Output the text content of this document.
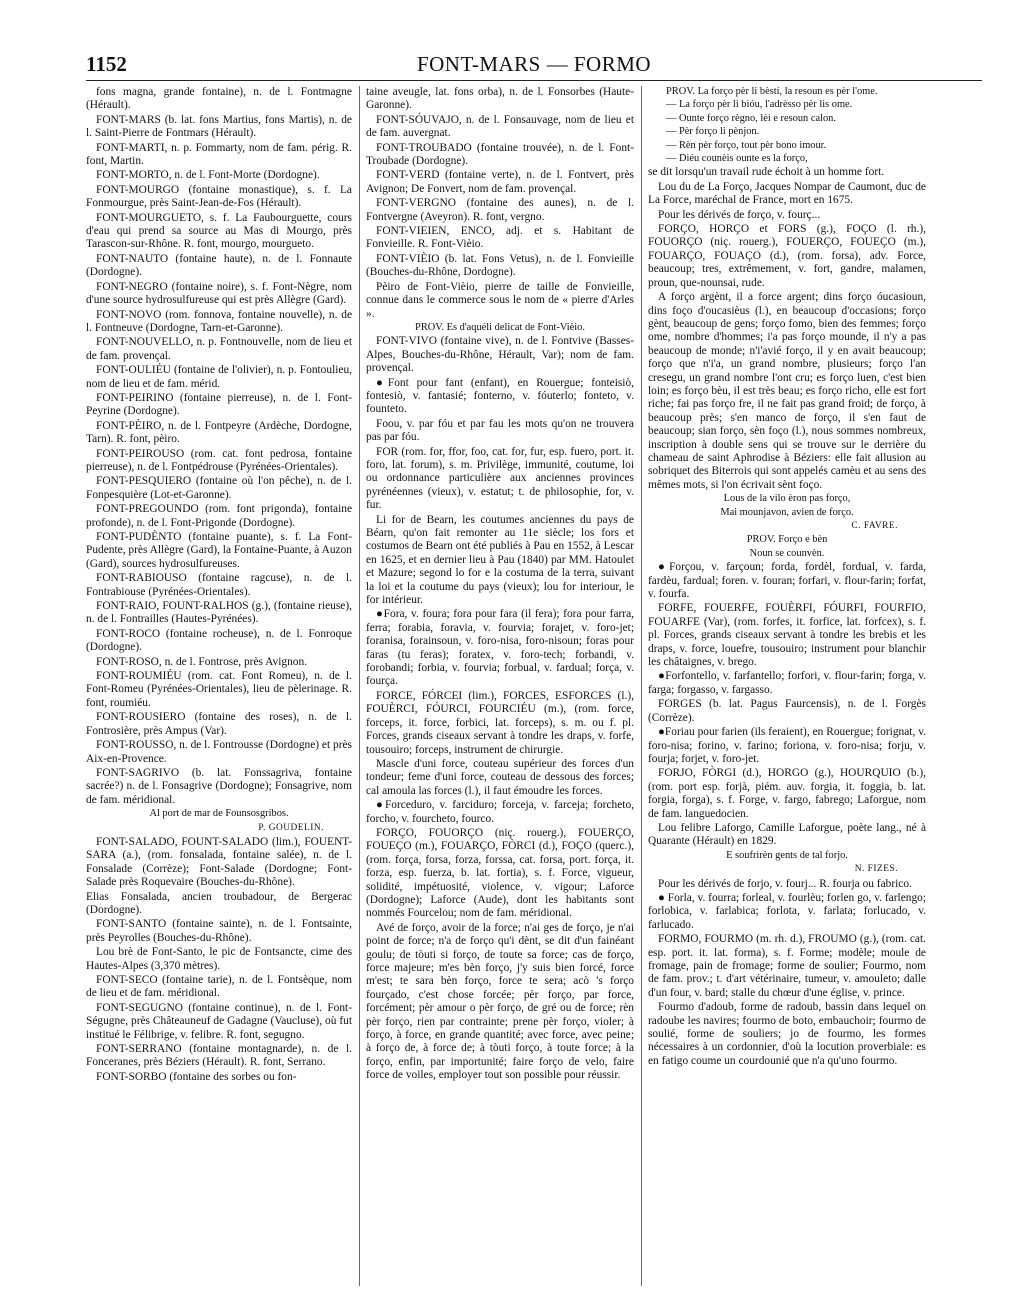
1152	FONT-MARS — FORMO

fons magna, grande fontaine), n. de l. Fontmagne (Hérault).

FONT-MARS (b. lat. fons Martius, fons Martis), n. de l. Saint-Pierre de Fontmars (Hérault).

FONT-MARTI, n. p. Fommarty, nom de fam. périg. R. font, Martin.

FONT-MORTO, n. de l. Font-Morte (Dordogne).

FONT-MOURGO (fontaine monastique), s. f. La Fonmourgue, près Saint-Jean-de-Fos (Hérault).

FONT-MOURGUETO, s. f. La Faubourguette, cours d'eau qui prend sa source au Mas di Mourgo, près Tarascon-sur-Rhône. R. font, mourgo, mourgueto.

FONT-NAUTO (fontaine haute), n. de l. Fonnaute (Dordogne).

FONT-NEGRO (fontaine noire), s. f. Font-Nègre, nom d'une source hydrosulfureuse qui est près Allègre (Gard).

FONT-NOVO (rom. fonnova, fontaine nouvelle), n. de l. Fontneuve (Dordogne, Tarn-et-Garonne).

FONT-NOUVELLO, n. p. Fontnouvelle, nom de lieu et de fam. provençal.

FONT-OULIÉU (fontaine de l'olivier), n. p. Fontoulieu, nom de lieu et de fam. mérid.

FONT-PEIRINO (fontaine pierreuse), n. de l. Font-Peyrine (Dordogne).

FONT-PÈIRO, n. de l. Fontpeyre (Ardèche, Dordogne, Tarn). R. font, pèiro.

FONT-PEIROUSO (rom. cat. font pedrosa, fontaine pierreuse), n. de l. Fontpédrouse (Pyrénées-Orientales).

FONT-PESQUIERO (fontaine où l'on pêche), n. de l. Fonpesquière (Lot-et-Garonne).

FONT-PREGOUNDO (rom. font prigonda), fontaine profonde), n. de l. Font-Prigonde (Dordogne).

FONT-PUDÈNTO (fontaine puante), s. f. La Font-Pudente, près Allègre (Gard), la Fontaine-Puante, à Auzon (Gard), sources hydrosulfureuses.

FONT-RABIOUSO (fontaine ragcuse), n. de l. Fontrabiouse (Pyrénées-Orientales).

FONT-RAIO, FOUNT-RALHOS (g.), (fontaine rieuse), n. de l. Fontrailles (Hautes-Pyrénées).

FONT-ROCO (fontaine rocheuse), n. de l. Fonroque (Dordogne).

FONT-ROSO, n. de l. Fontrose, près Avignon.

FONT-ROUMIÉU (rom. cat. Font Romeu), n. de l. Font-Romeu (Pyrénées-Orientales), lieu de pèlerinage. R. font, roumiéu.

FONT-ROUSIERO (fontaine des roses), n. de l. Fontrosière, près Ampus (Var).

FONT-ROUSSO, n. de l. Fontrousse (Dordogne) et près Aix-en-Provence.

FONT-SAGRIVO (b. lat. Fonssagriva, fontaine sacrée?) n. de l. Fonsagrive (Dordogne); Fonsagrive, nom de fam. méridional.

Al port de mar de Founsosgribos.

P. GOUDELIN.

FONT-SALADO, FOUNT-SALADO (lim.), FOUENT-SARA (a.), (rom. fonsalada, fontaine salée), n. de l. Fonsalade (Corrèze); Font-Salade (Dordogne; Font-Salade près Roquevaire (Bouches-du-Rhône).

Elias Fonsalada, ancien troubadour, de Bergerac (Dordogne).

FONT-SANTO (fontaine sainte), n. de l. Fontsainte, près Peyrolles (Bouches-du-Rhône).

Lou brè de Font-Santo, le pic de Fontsancte, cime des Hautes-Alpes (3,370 mètres).

FONT-SECO (fontaine tarie), n. de l. Fontsèque, nom de lieu et de fam. méridional.

FONT-SEGUGNO (fontaine continue), n. de l. Font-Ségugne, près Châteauneuf de Gadagne (Vaucluse), où fut institué le Félibrige, v. felibre. R. font, segugno.

FONT-SERRANO (fontaine montagnarde), n. de l. Fonceranes, près Béziers (Hérault). R. font, Serrano.

FONT-SORBO (fontaine des sorbes ou fon-

taine aveugle, lat. fons orba), n. de l. Fonsorbes (Haute-Garonne).

FONT-SÓUVAJO, n. de l. Fonsauvage, nom de lieu et de fam. auvergnat.

FONT-TROUBADO (fontaine trouvée), n. de l. Font-Troubade (Dordogne).

FONT-VERD (fontaine verte), n. de l. Fontvert, près Avignon; De Fonvert, nom de fam. provençal.

FONT-VERGNO (fontaine des aunes), n. de l. Fontvergne (Aveyron). R. font, vergno.

FONT-VIEIEN, ENCO, adj. et s. Habitant de Fonvieille. R. Font-Vièio.

FONT-VIÈIO (b. lat. Fons Vetus), n. de l. Fonvieille (Bouches-du-Rhône, Dordogne).

Pèiro de Font-Vièio, pierre de taille de Fonvieille, connue dans le commerce sous le nom de « pierre d'Arles ».

PROV. Es d'aquéli delicat de Font-Vièio.

FONT-VIVO (fontaine vive), n. de l. Fontvive (Basses-Alpes, Bouches-du-Rhône, Hérault, Var); nom de fam. provençal.

●Font pour fant (enfant), en Rouergue; fonteisiò, fontesiò, v. fantasié; fonterno, v. fóuterlo; fonteto, v. founteto.

Foou, v. par fóu et par fau les mots qu'on ne trouvera pas par fóu.

FOR (rom. for, ffor, foo, cat. for, fur, esp. fuero, port. it. foro, lat. forum), s. m. Privilège, immunité, coutume, loi ou ordonnance particulière aux anciennes provinces pyrénéennes (vieux), v. estatut; t. de philosophie, for, v. fur.

Li for de Bearn, les coutumes anciennes du pays de Béarn, qu'on fait remonter au 11e siècle; los fors et costumos de Bearn ont été publiés à Pau en 1552, à Lescar en 1625, et en dernier lieu à Pau (1840) par MM. Hatoulet et Mazure; segond lo for e la costuma de la terra, suivant la loi et la coutume du pays (vieux); lou for interiour, le for intérieur.

●Fora, v. foura; fora pour fara (il fera); fora pour farra, ferra; forabia, foravia, v. fourvia; forajet, v. foro-jet; foranisa, forainsoun, v. foro-nisa, foro-nisoun; foras pour faras (tu feras); foratex, v. foro-tech; forbandi, v. forobandi; forbia, v. fourvia; forbual, v. fardual; força, v. fourça.

FORCE, FÓRCEI (lim.), FORCES, ESFORCES (l.), FOUÈRCI, FÓURCI, FOURCIÉU (m.), (rom. force, forceps, it. force, forbici, lat. forceps), s. m. ou f. pl. Forces, grands ciseaux servant à tondre les draps, v. forfe, tousouiro; forceps, instrument de chirurgie.

Mascle d'uni force, couteau supérieur des forces d'un tondeur; feme d'uni force, couteau de dessous des forces; cal amoula las forces (l.), il faut émoudre les forces.

●Forceduro, v. farciduro; forceja, v. farceja; forcheto, forcho, v. fourcheto, fourco.

FORÇO, FOUORÇO (niç. rouerg.), FOUERÇO, FOUEÇO (m.), FOUARÇO, FÒRCI (d.), FOÇO (querc.), (rom. força, forsa, forza, forssa, cat. forsa, port. força, it. forza, esp. fuerza, b. lat. fortia), s. f. Force, vigueur, solidité, impétuosité, violence, v. vigour; Laforce (Dordogne); Laforce (Aude), dont les habitants sont nommés Fourcelou; nom de fam. méridional.

Avé de forço, avoir de la force; n'ai ges de forço, je n'ai point de force; n'a de forço qu'i dènt, se dit d'un fainéant goulu; de tòuti si forço, de toute sa force; cas de forço, force majeure; m'es bèn forço, j'y suis bien forcé, force m'est; te sara bèn forço, force te sera; acò 's forço fourçado, c'est chose forcée; pèr forço, par force, forcément; pèr amour o pèr forço, de gré ou de force; rèn pèr forço, rien par contrainte; prene pèr forço, violer; à forço, à force, en grande quantité; avec force, avec peine; à forço de, à force de; à tòuti forço, à toute force; à la forço, enfin, par importunité; faire forço de velo, faire force de voiles, employer tout son possible pour réussir.

PROV. La forço pèr li bèstí, la resoun es pèr l'ome.

— La forço pèr li bióu, l'adrèsso pèr lis ome.

— Ounte forço règno, lèi e resoun calon.

— Pèr forço li pènjon.

— Rèn pèr forço, tout pèr bono imour.

— Diéu counèis ounte es la forço,

se dit lorsqu'un travail rude échoit à un homme fort.

Lou du de La Forço, Jacques Nompar de Caumont, duc de La Force, maréchal de France, mort en 1675.

Pour les dérivés de forço, v. fourç...

FORÇO, HORÇO et FORS (g.), FOÇO (l. rh.), FOUORÇO (niç. rouerg.), FOUERÇO, FOUEÇO (m.), FOUARÇO, FOUAÇO (d.), (rom. forsa), adv. Force, beaucoup; tres, extrêmement, v. fort, gandre, malamen, proun, que-nounsai, rude.

A forço argènt, il a force argent; dins forço óucasioun, dins foço d'oucasièus (l.), en beaucoup d'occasions; forço gènt, beaucoup de gens; forço fomo, bien des femmes; forço ome, nombre d'hommes; i'a pas forço mounde, il n'y a pas beaucoup de monde; n'i'avié forço, il y en avait beaucoup; forço que n'i'a, un grand nombre, plusieurs; forço l'an cresegu, un grand nombre l'ont cru; es forço luen, c'est bien loin; es forço bèu, il est très beau; es forço richo, elle est fort riche; fai pas forço fre, il ne fait pas grand froid; de forço, à beaucoup près; s'en manco de forço, il s'en faut de beaucoup; sian forço, sèn foço (l.), nous sommes nombreux, inscription à double sens qui se trouve sur le derrière du chameau de saint Aphrodise à Béziers: elle fait allusion au sobriquet des Biterrois qui sont appelés camèu et au sens des mêmes mots, si l'on écrivait sènt foço.

Lous de la vilo èron pas forço,

Mai mounjavon, avien de forço.

C. FAVRE.

PROV. Forço e bèn

Noun se counvèn.

●Forçou, v. farçoun; forda, fordèl, fordual, v. farda, fardèu, fardual; foren. v. fouran; forfari, v. flour-farin; forfat, v. fourfa.

FORFE, FOUERFE, FOUÈRFI, FÓURFI, FOURFIO, FOUARFE (Var), (rom. forfes, it. forfice, lat. forfcex), s. f. pl. Forces, grands ciseaux servant à tondre les brebis et les draps, v. force, louefre, tousouiro; instrument pour blanchir les châtaignes, v. brego.

●Forfontello, v. farfantello; forfori, v. flour-farin; forga, v. farga; forgasso, v. fargasso.

FORGES (b. lat. Pagus Faurcensis), n. de l. Forgès (Corrèze).

●Foriau pour farien (ils feraient), en Rouergue; forignat, v. foro-nisa; forino, v. farino; foriona, v. foro-nisa; forju, v. fourja; forjet, v. foro-jet.

FORJO, FÒRGI (d.), HORGO (g.), HOURQUIO (b.), (rom. port esp. forjà, piém. auv. forgia, it. foggia, b. lat. forgia, forga), s. f. Forge, v. fargo, fabrego; Laforgue, nom de fam. languedocien.

Lou felibre Laforgo, Camille Laforgue, poète lang., né à Quarante (Hérault) en 1829.

E soufrirèn gents de tal forjo.

N. FIZES.

Pour les dérivés de forjo, v. fourj... R. fourja ou fabrico.

● Forla, v. fourra; forleal, v. fourlèu; forlen go, v. farlengo; forlobica, v. farlabica; forlota, v. farlata; forlucado, v. farlucado.

FORMO, FOURMO (m. rh. d.), FROUMO (g.), (rom. cat. esp. port. it. lat. forma), s. f. Forme; modèle; moule de fromage, pain de fromage; forme de soulier; Fourmo, nom de fam. prov.; t. d'art vétérinaire, tumeur, v. amouleto; dalle d'un four, v. bard; stalle du chœur d'une église, v. prince.

Fourmo d'adoub, forme de radoub, bassin dans lequel on radoube les navires; fourmo de boto, embauchoir; fourmo de soulié, forme de souliers; jo de fourmo, les formes nécessaires à un cordonnier, d'où la locution proverbiale: es en fatigo coume un courdounié que n'a qu'uno fourmo.
